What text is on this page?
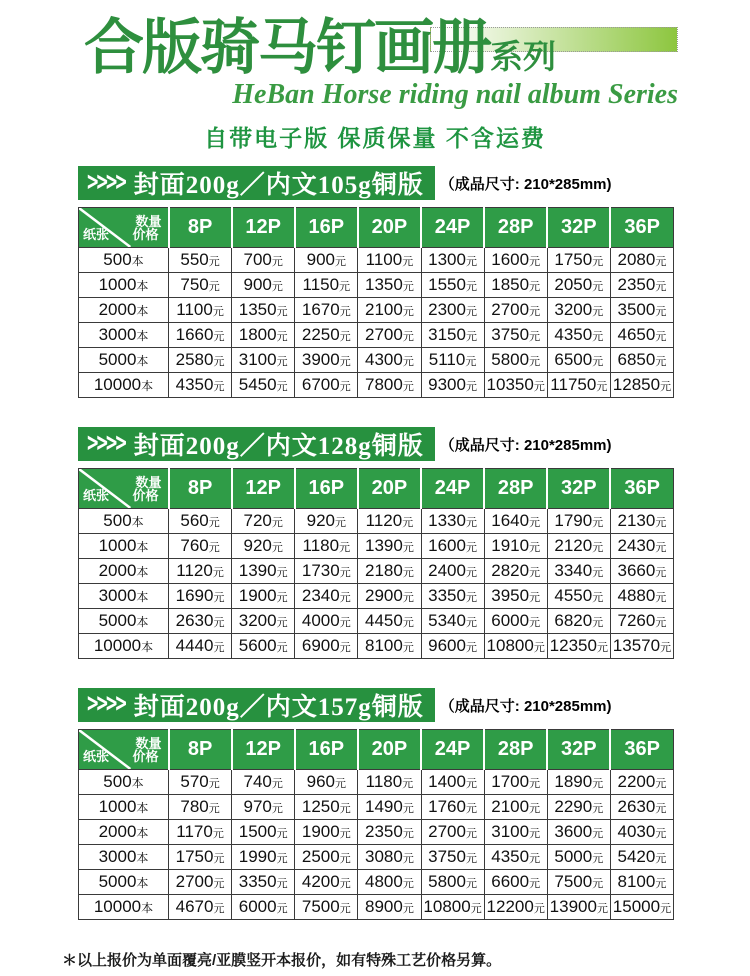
合版骑马钉画册系列
HeBan Horse riding nail album Series
自带电子版 保质保量 不含运费
>>>> 封面200g／内文105g铜版 （成品尺寸: 210*285mm)
数量
纸张 价格	8P	12P	16P	20P	24P	28P	32P	36P
500本	550元	700元	900元	1100元	1300元	1600元	1750元	2080元
1000本	750元	900元	1150元	1350元	1550元	1850元	2050元	2350元
2000本	1100元	1350元	1670元	2100元	2300元	2700元	3200元	3500元
3000本	1660元	1800元	2250元	2700元	3150元	3750元	4350元	4650元
5000本	2580元	3100元	3900元	4300元	5110元	5800元	6500元	6850元
10000本	4350元	5450元	6700元	7800元	9300元	10350元	11750元	12850元
>>>> 封面200g／内文128g铜版 （成品尺寸: 210*285mm)
数量
纸张 价格	8P	12P	16P	20P	24P	28P	32P	36P
500本	560元	720元	920元	1120元	1330元	1640元	1790元	2130元
1000本	760元	920元	1180元	1390元	1600元	1910元	2120元	2430元
2000本	1120元	1390元	1730元	2180元	2400元	2820元	3340元	3660元
3000本	1690元	1900元	2340元	2900元	3350元	3950元	4550元	4880元
5000本	2630元	3200元	4000元	4450元	5340元	6000元	6820元	7260元
10000本	4440元	5600元	6900元	8100元	9600元	10800元	12350元	13570元
>>>> 封面200g／内文157g铜版 （成品尺寸: 210*285mm)
数量
纸张 价格	8P	12P	16P	20P	24P	28P	32P	36P
500本	570元	740元	960元	1180元	1400元	1700元	1890元	2200元
1000本	780元	970元	1250元	1490元	1760元	2100元	2290元	2630元
2000本	1170元	1500元	1900元	2350元	2700元	3100元	3600元	4030元
3000本	1750元	1990元	2500元	3080元	3750元	4350元	5000元	5420元
5000本	2700元	3350元	4200元	4800元	5800元	6600元	7500元	8100元
10000本	4670元	6000元	7500元	8900元	10800元	12200元	13900元	15000元
＊以上报价为单面覆亮/亚膜竖开本报价，如有特殊工艺价格另算。
